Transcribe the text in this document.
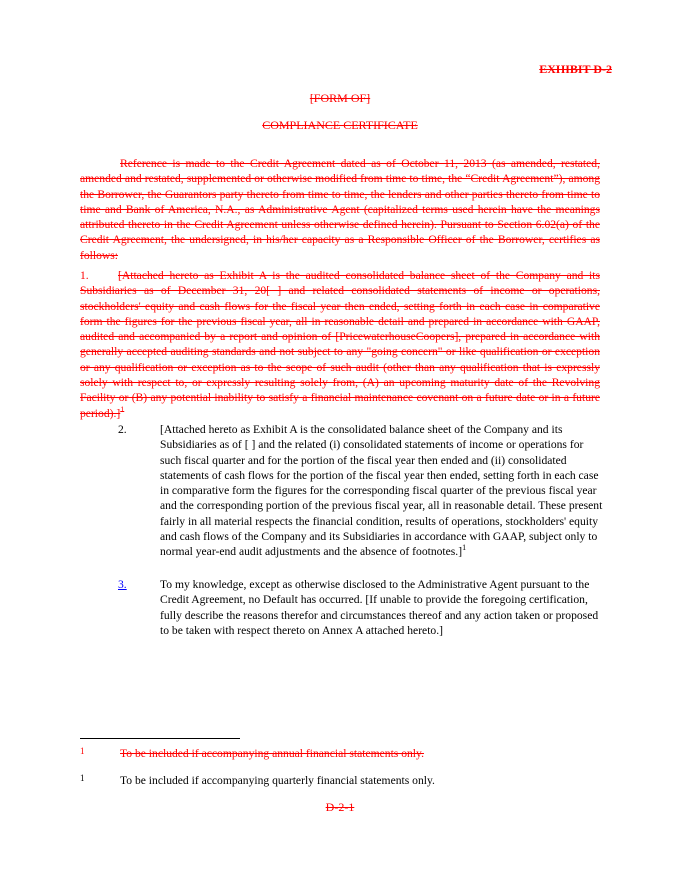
EXHIBIT D-2
[FORM OF]
COMPLIANCE CERTIFICATE
Reference is made to the Credit Agreement dated as of October 11, 2013 (as amended, restated, amended and restated, supplemented or otherwise modified from time to time, the “Credit Agreement”), among the Borrower, the Guarantors party thereto from time to time, the lenders and other parties thereto from time to time and Bank of America, N.A., as Administrative Agent (capitalized terms used herein have the meanings attributed thereto in the Credit Agreement unless otherwise defined herein). Pursuant to Section 6.02(a) of the Credit Agreement, the undersigned, in his/her capacity as a Responsible Officer of the Borrower, certifies as follows:
1.	[Attached hereto as Exhibit A is the audited consolidated balance sheet of the Company and its Subsidiaries as of December 31, 20[ ] and related consolidated statements of income or operations, stockholders' equity and cash flows for the fiscal year then ended, setting forth in each case in comparative form the figures for the previous fiscal year, all in reasonable detail and prepared in accordance with GAAP, audited and accompanied by a report and opinion of [PricewaterhouseCoopers], prepared in accordance with generally accepted auditing standards and not subject to any "going concern" or like qualification or exception or any qualification or exception as to the scope of such audit (other than any qualification that is expressly solely with respect to, or expressly resulting solely from, (A) an upcoming maturity date of the Revolving Facility or (B) any potential inability to satisfy a financial maintenance covenant on a future date or in a future period).]$^1$
2.	[Attached hereto as Exhibit A is the consolidated balance sheet of the Company and its Subsidiaries as of [ ] and the related (i) consolidated statements of income or operations for such fiscal quarter and for the portion of the fiscal year then ended and (ii) consolidated statements of cash flows for the portion of the fiscal year then ended, setting forth in each case in comparative form the figures for the corresponding fiscal quarter of the previous fiscal year and the corresponding portion of the previous fiscal year, all in reasonable detail. These present fairly in all material respects the financial condition, results of operations, stockholders' equity and cash flows of the Company and its Subsidiaries in accordance with GAAP, subject only to normal year-end audit adjustments and the absence of footnotes.]$^1$
3.	To my knowledge, except as otherwise disclosed to the Administrative Agent pursuant to the Credit Agreement, no Default has occurred. [If unable to provide the foregoing certification, fully describe the reasons therefor and circumstances thereof and any action taken or proposed to be taken with respect thereto on Annex A attached hereto.]
1	To be included if accompanying annual financial statements only.
1	To be included if accompanying quarterly financial statements only.
D-2-1
